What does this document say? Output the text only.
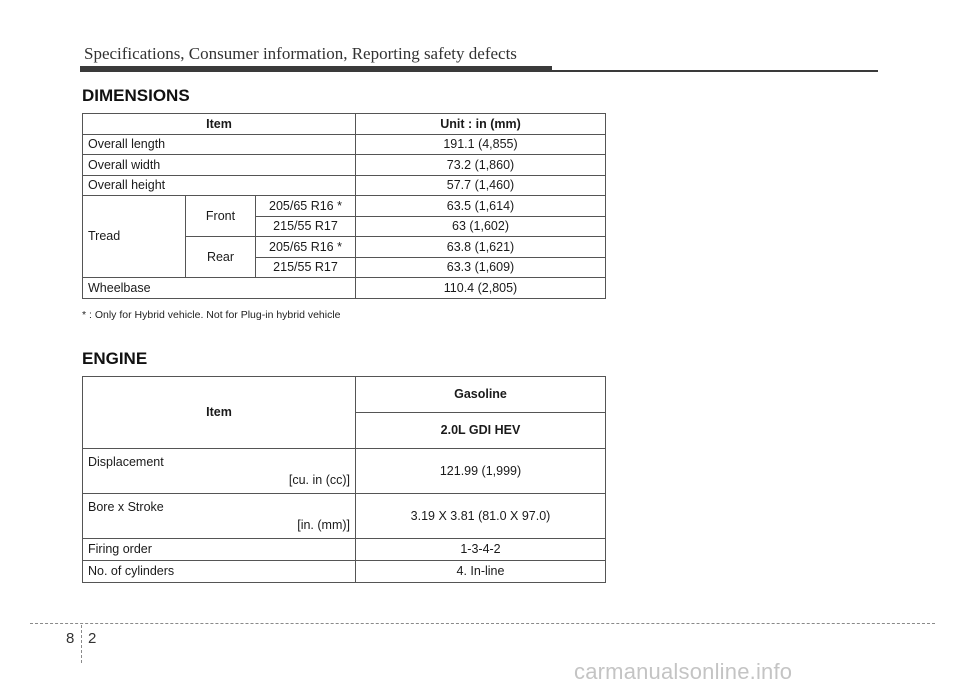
Specifications, Consumer information, Reporting safety defects
DIMENSIONS
Item			Unit : in (mm)
Overall length			191.1 (4,855)
Overall width			73.2 (1,860)
Overall height			57.7 (1,460)
Tread	Front	205/65 R16 *	63.5 (1,614)
		215/55 R17	63 (1,602)
	Rear	205/65 R16 *	63.8 (1,621)
		215/55 R17	63.3 (1,609)
Wheelbase			110.4 (2,805)
* : Only for Hybrid vehicle. Not for Plug-in hybrid vehicle
ENGINE
Item	Gasoline
	2.0L GDI HEV

Displacement
[cu. in (cc)]	121.99 (1,999)

Bore x Stroke
[in. (mm)]	3.19 X 3.81 (81.0 X 97.0)
Firing order	1-3-4-2
No. of cylinders	4. In-line
8 2
carmanualsonline.info
